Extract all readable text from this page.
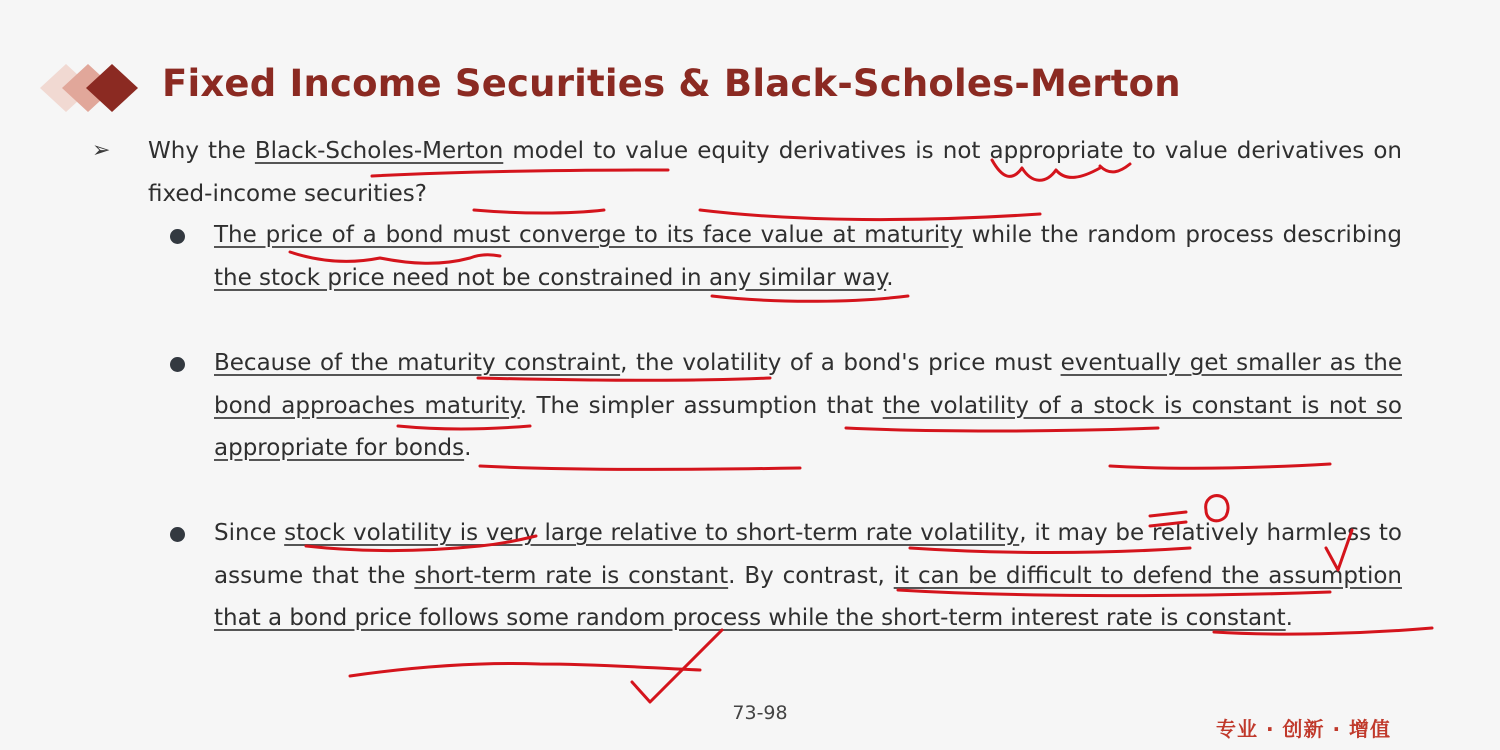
Fixed Income Securities & Black-Scholes-Merton
➢ Why the Black-Scholes-Merton model to value equity derivatives is not appropriate to value derivatives on fixed-income securities?
The price of a bond must converge to its face value at maturity while the random process describing the stock price need not be constrained in any similar way.
Because of the maturity constraint, the volatility of a bond's price must eventually get smaller as the bond approaches maturity. The simpler assumption that the volatility of a stock is constant is not so appropriate for bonds.
Since stock volatility is very large relative to short-term rate volatility, it may be relatively harmless to assume that the short-term rate is constant. By contrast, it can be difficult to defend the assumption that a bond price follows some random process while the short-term interest rate is constant.
73-98
专业 · 创新 · 增值
